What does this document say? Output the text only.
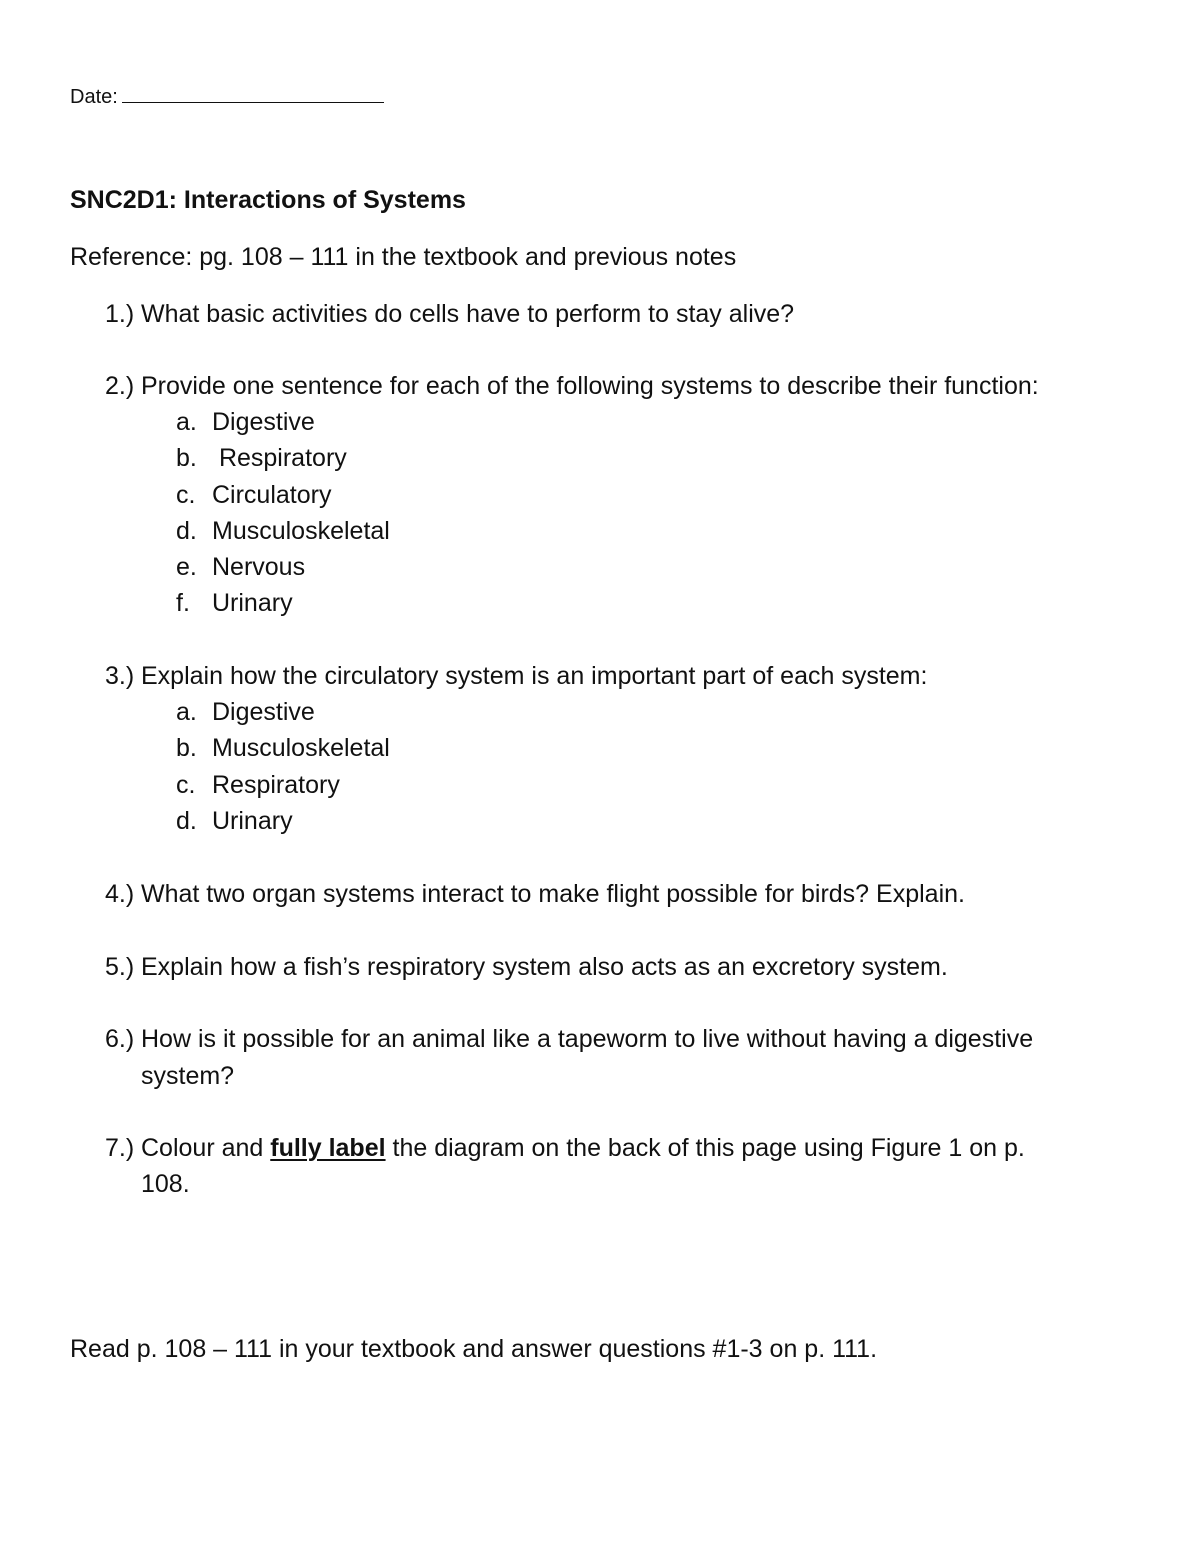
Date:
SNC2D1: Interactions of Systems
Reference: pg. 108 – 111 in the textbook and previous notes
1.) What basic activities do cells have to perform to stay alive?
2.) Provide one sentence for each of the following systems to describe their function:
a. Digestive
b. Respiratory
c. Circulatory
d. Musculoskeletal
e. Nervous
f. Urinary
3.) Explain how the circulatory system is an important part of each system:
a. Digestive
b. Musculoskeletal
c. Respiratory
d. Urinary
4.) What two organ systems interact to make flight possible for birds? Explain.
5.) Explain how a fish’s respiratory system also acts as an excretory system.
6.) How is it possible for an animal like a tapeworm to live without having a digestive
system?
7.) Colour and fully label the diagram on the back of this page using Figure 1 on p.
108.
Read p. 108 – 111 in your textbook and answer questions #1-3 on p. 111.
